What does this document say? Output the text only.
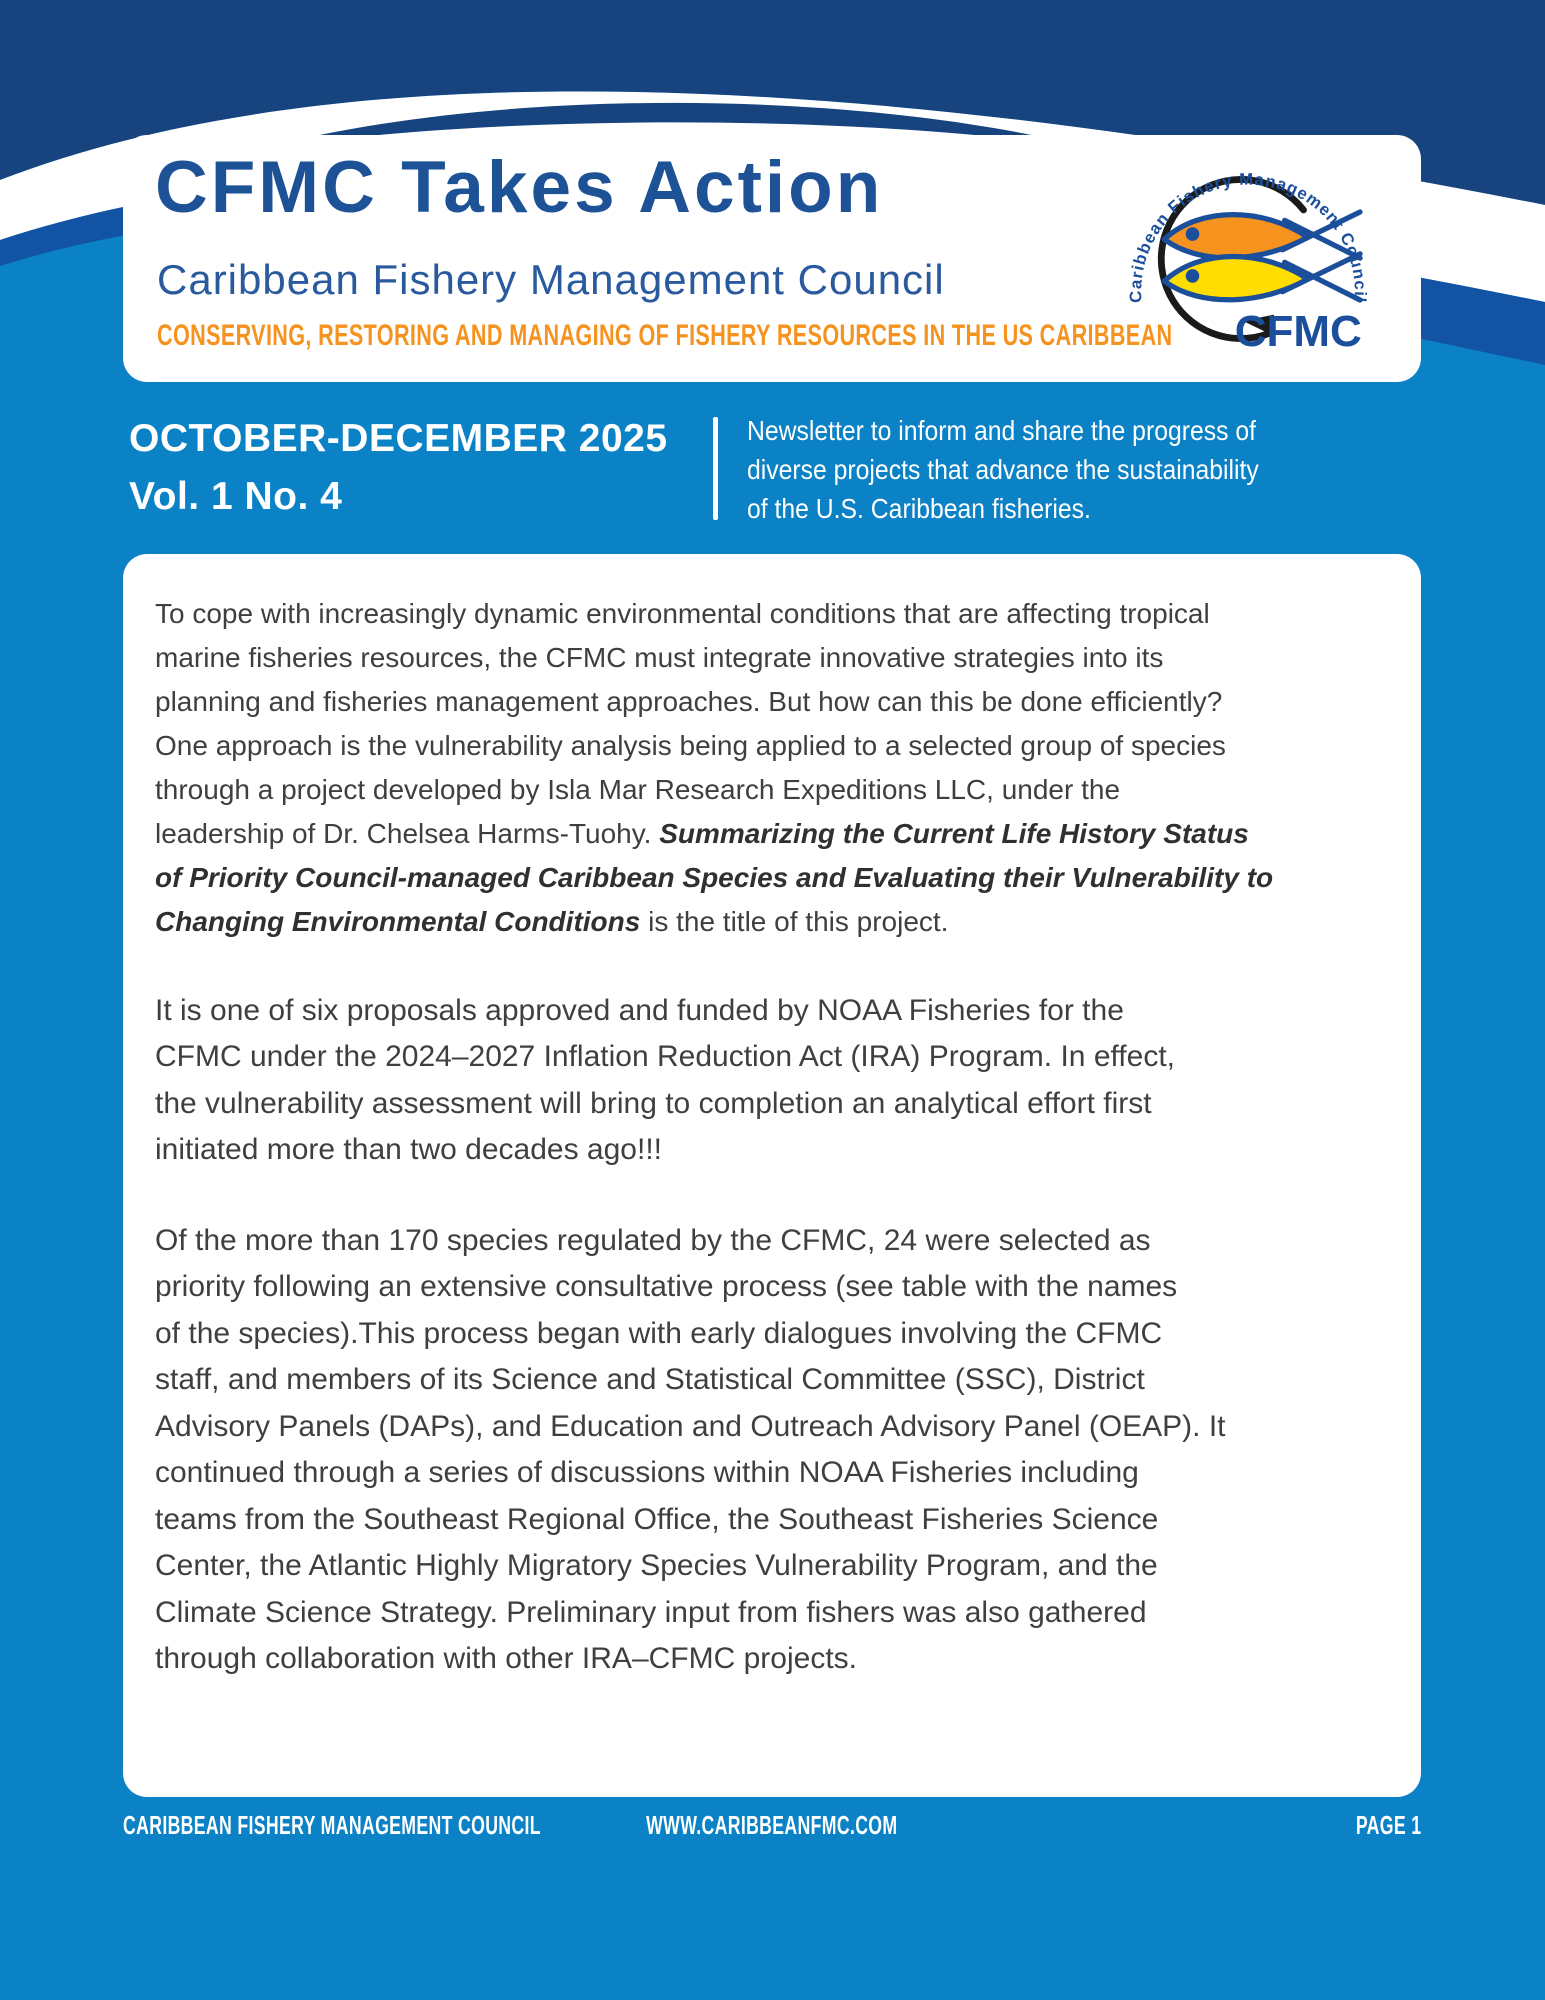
CFMC Takes Action
Caribbean Fishery Management Council
CONSERVING, RESTORING AND MANAGING OF FISHERY RESOURCES IN THE US CARIBBEAN
Caribbean Fishery Management Council
CFMC
OCTOBER-DECEMBER 2025
Vol. 1 No. 4
Newsletter to inform and share the progress of
diverse projects that advance the sustainability
of the U.S. Caribbean fisheries.

To cope with increasingly dynamic environmental conditions that are affecting tropical
marine fisheries resources, the CFMC must integrate innovative strategies into its
planning and fisheries management approaches. But how can this be done efficiently?
One approach is the vulnerability analysis being applied to a selected group of species
through a project developed by Isla Mar Research Expeditions LLC, under the
leadership of Dr. Chelsea Harms-Tuohy. Summarizing the Current Life History Status
of Priority Council-managed Caribbean Species and Evaluating their Vulnerability to
Changing Environmental Conditions is the title of this project.

It is one of six proposals approved and funded by NOAA Fisheries for the
CFMC under the 2024–2027 Inflation Reduction Act (IRA) Program. In effect,
the vulnerability assessment will bring to completion an analytical effort first
initiated more than two decades ago!!!

Of the more than 170 species regulated by the CFMC, 24 were selected as
priority following an extensive consultative process (see table with the names
of the species).This process began with early dialogues involving the CFMC
staff, and members of its Science and Statistical Committee (SSC), District
Advisory Panels (DAPs), and Education and Outreach Advisory Panel (OEAP). It
continued through a series of discussions within NOAA Fisheries including
teams from the Southeast Regional Office, the Southeast Fisheries Science
Center, the Atlantic Highly Migratory Species Vulnerability Program, and the
Climate Science Strategy. Preliminary input from fishers was also gathered
through collaboration with other IRA–CFMC projects.

CARIBBEAN FISHERY MANAGEMENT COUNCIL	WWW.CARIBBEANFMC.COM	PAGE 1
